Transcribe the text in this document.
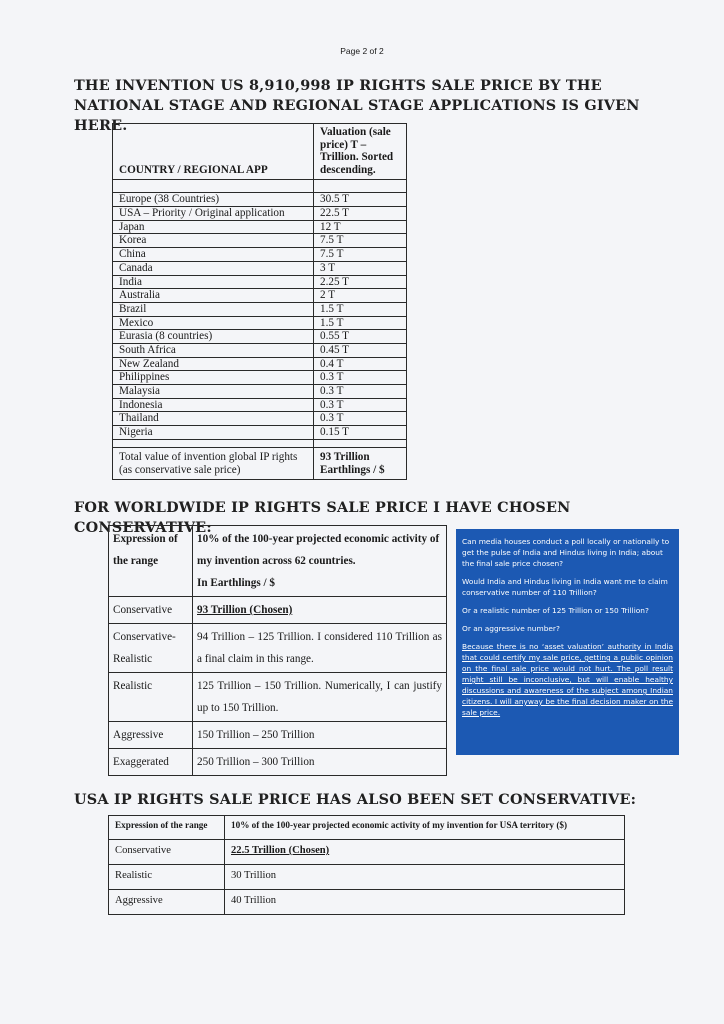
Page 2 of 2
THE INVENTION US 8,910,998 IP RIGHTS SALE PRICE BY THE NATIONAL STAGE AND REGIONAL STAGE APPLICATIONS IS GIVEN HERE.
COUNTRY / REGIONAL APP	Valuation (sale price) T – Trillion. Sorted descending.

Europe (38 Countries)	30.5 T
USA – Priority / Original application	22.5 T
Japan	12 T
Korea	7.5 T
China	7.5 T
Canada	3 T
India	2.25 T
Australia	2 T
Brazil	1.5 T
Mexico	1.5 T
Eurasia (8 countries)	0.55 T
South Africa	0.45 T
New Zealand	0.4 T
Philippines	0.3 T
Malaysia	0.3 T
Indonesia	0.3 T
Thailand	0.3 T
Nigeria	0.15 T

Total value of invention global IP rights (as conservative sale price)	93 Trillion Earthlings / $
FOR WORLDWIDE IP RIGHTS SALE PRICE I HAVE CHOSEN CONSERVATIVE:
Expression of the range	10% of the 100-year projected economic activity of my invention across 62 countries.
In Earthlings / $

Conservative	93 Trillion (Chosen)
Conservative-Realistic	94 Trillion – 125 Trillion. I considered 110 Trillion as a final claim in this range.
Realistic	125 Trillion – 150 Trillion. Numerically, I can justify up to 150 Trillion.
Aggressive	150 Trillion – 250 Trillion
Exaggerated	250 Trillion – 300 Trillion

Can media houses conduct a poll locally or nationally to get the pulse of India and Hindus living in India; about the final sale price chosen?

Would India and Hindus living in India want me to claim conservative number of 110 Trillion?

Or a realistic number of 125 Trillion or 150 Trillion?

Or an aggressive number?

Because there is no ‘asset valuation’ authority in India that could certify my sale price, getting a public opinion on the final sale price would not hurt. The poll result might still be inconclusive, but will enable healthy discussions and awareness of the subject among Indian citizens. I will anyway be the final decision maker on the sale price.

USA IP RIGHTS SALE PRICE HAS ALSO BEEN SET CONSERVATIVE:
Expression of the range	10% of the 100-year projected economic activity of my invention for USA territory ($)
Conservative	22.5 Trillion (Chosen)
Realistic	30 Trillion
Aggressive	40 Trillion
